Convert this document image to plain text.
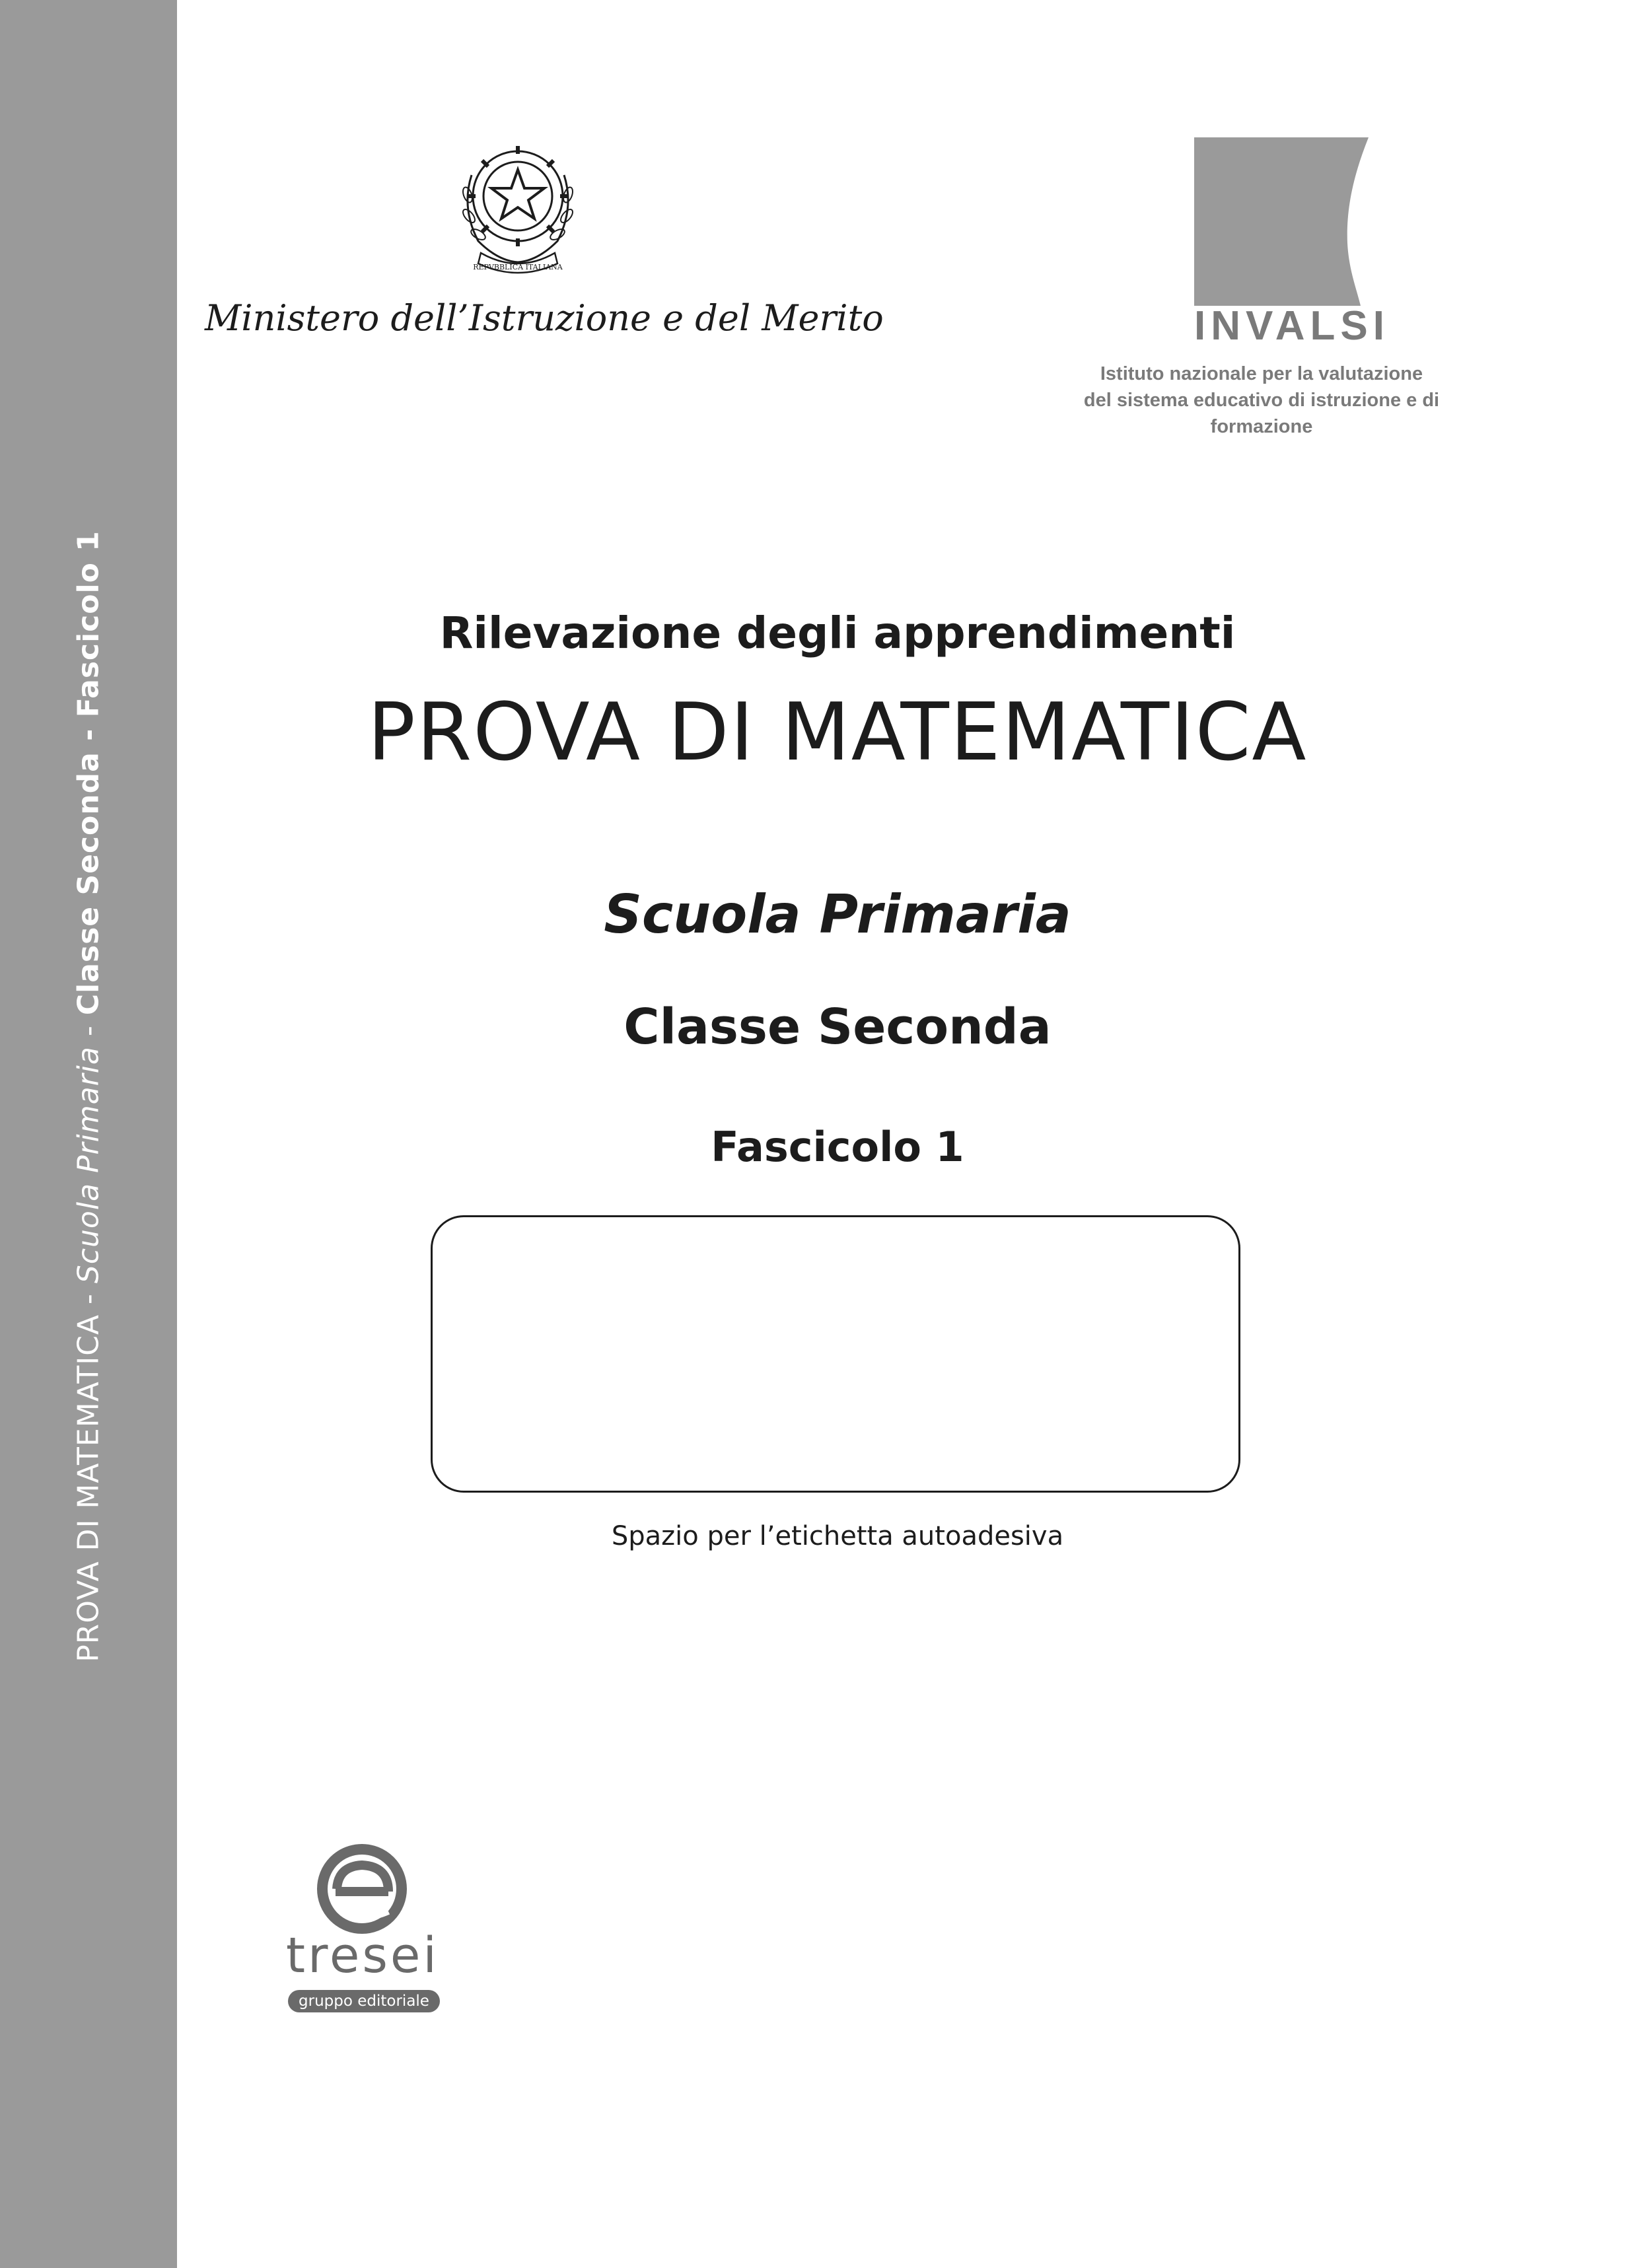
PROVA DI MATEMATICA - Scuola Primaria - Classe Seconda - Fascicolo 1
REPVBBLICA ITALIANA
Ministero dell’Istruzione e del Merito	INVALSI
Istituto nazionale per la valutazione
del sistema educativo di istruzione e di formazione
Rilevazione degli apprendimenti
PROVA DI MATEMATICA
Scuola Primaria
Classe Seconda
Fascicolo 1
Spazio per l’etichetta autoadesiva
tresei
gruppo editoriale
